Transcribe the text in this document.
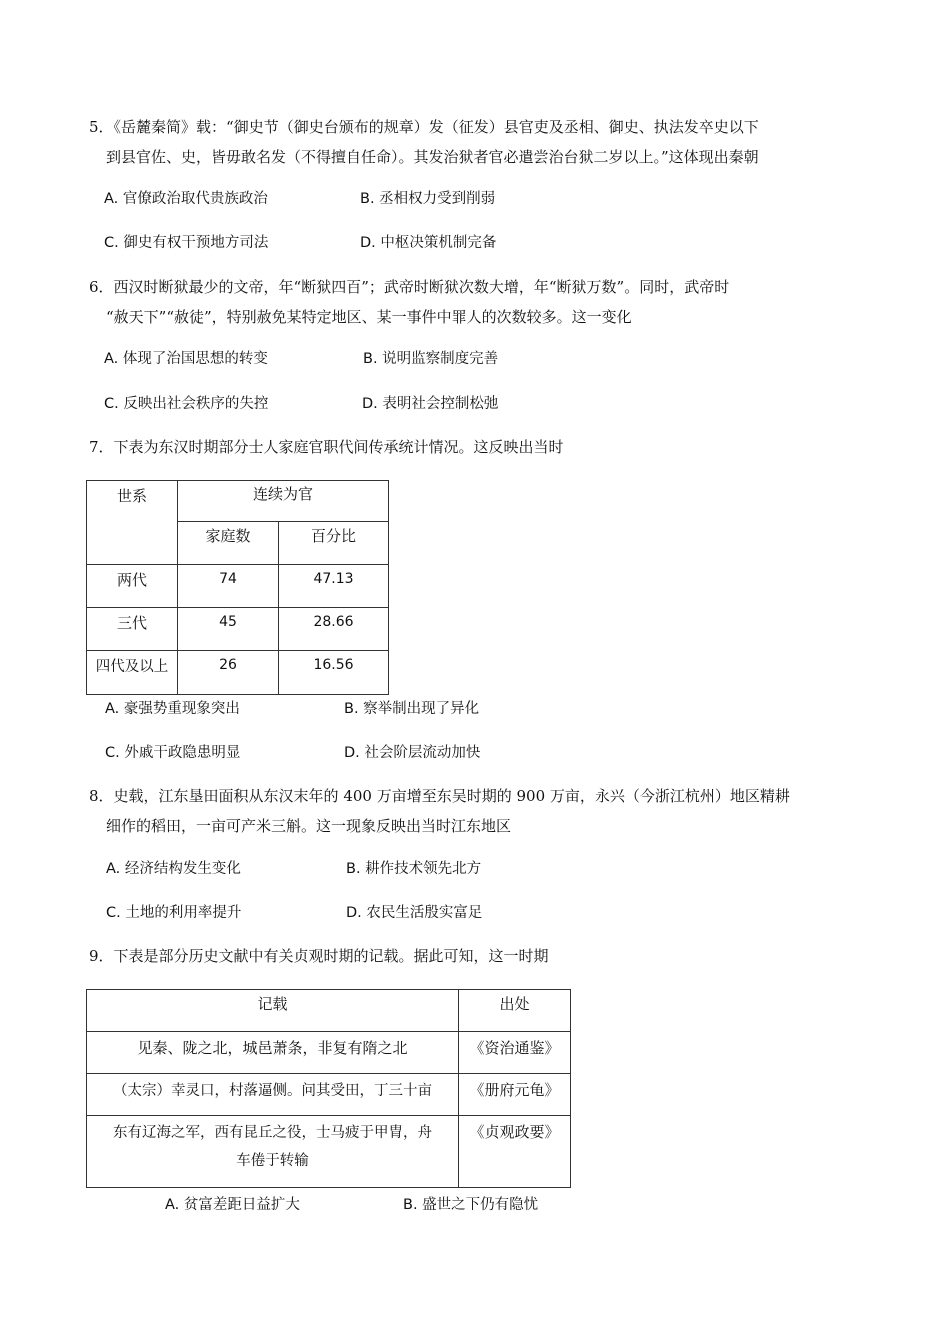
5．《岳麓秦简》载：“御史节（御史台颁布的规章）发（征发）县官吏及丞相、御史、执法发卒史以下
到县官佐、史，皆毋敢名发（不得擅自任命）。其发治狱者官必遣尝治台狱二岁以上。”这体现出秦朝
A. 官僚政治取代贵族政治	B. 丞相权力受到削弱
C. 御史有权干预地方司法	D. 中枢决策机制完备
6．西汉时断狱最少的文帝，年“断狱四百”；武帝时断狱次数大增，年“断狱万数”。同时，武帝时
“赦天下”“赦徒”，特别赦免某特定地区、某一事件中罪人的次数较多。这一变化
A. 体现了治国思想的转变	B. 说明监察制度完善
C. 反映出社会秩序的失控	D. 表明社会控制松弛
7．下表为东汉时期部分士人家庭官职代间传承统计情况。这反映出当时
世系	连续为官	
	家庭数	百分比
两代	74	47.13
三代	45	28.66
四代及以上	26	16.56
A. 豪强势重现象突出	B. 察举制出现了异化
C. 外戚干政隐患明显	D. 社会阶层流动加快
8．史载，江东垦田面积从东汉末年的 400 万亩增至东吴时期的 900 万亩，永兴（今浙江杭州）地区精耕
细作的稻田，一亩可产米三斛。这一现象反映出当时江东地区
A. 经济结构发生变化	B. 耕作技术领先北方
C. 土地的利用率提升	D. 农民生活殷实富足
9．下表是部分历史文献中有关贞观时期的记载。据此可知，这一时期
记载	出处
见秦、陇之北，城邑萧条，非复有隋之北	《资治通鉴》
（太宗）幸灵口，村落逼侧。问其受田，丁三十亩	《册府元龟》

东有辽海之军，西有昆丘之役，士马疲于甲胄，舟
车倦于转输	《贞观政要》
A. 贫富差距日益扩大	B. 盛世之下仍有隐忧
